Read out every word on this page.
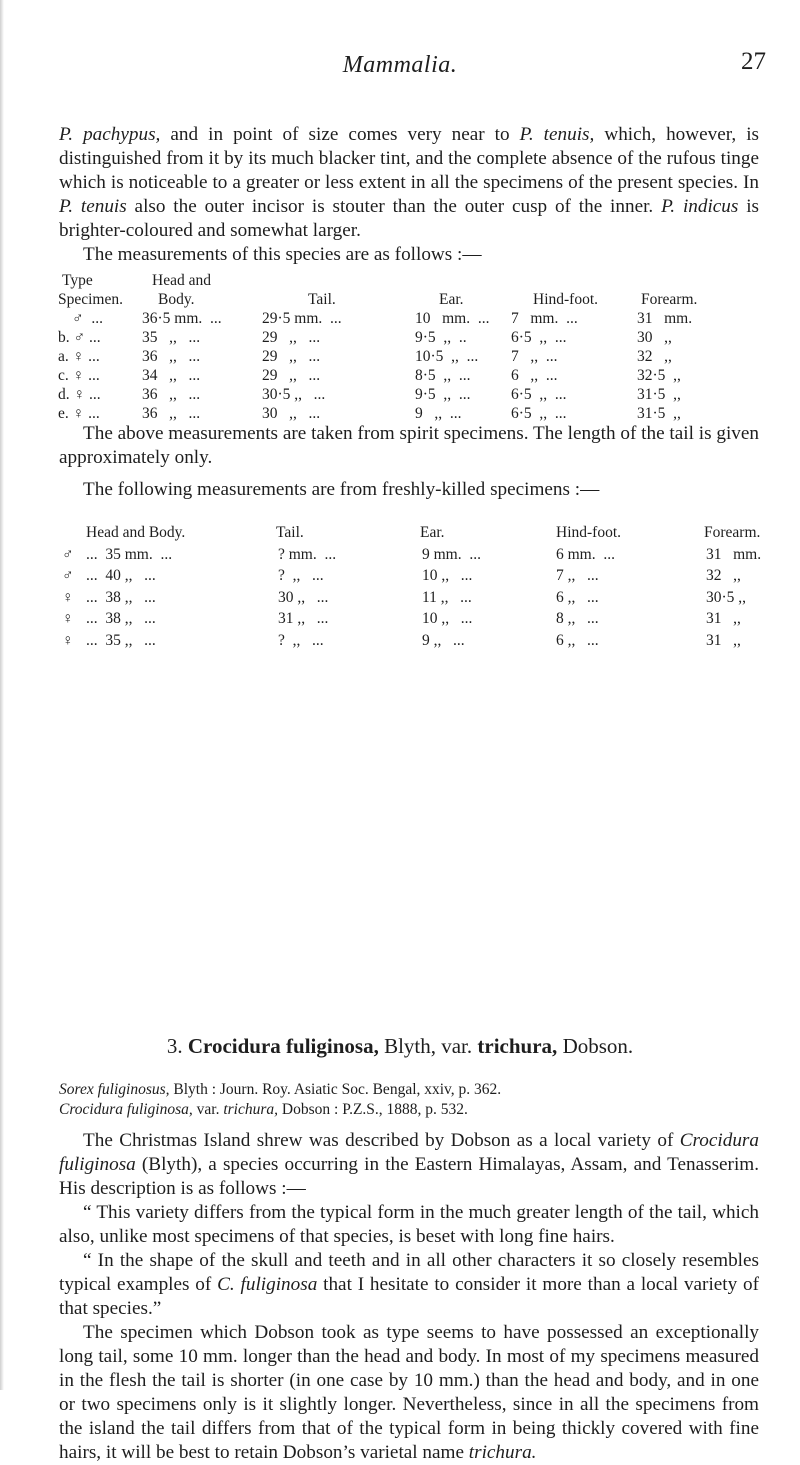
Mammalia.	27

P. pachypus, and in point of size comes very near to P. tenuis, which, however, is distinguished from it by its much blacker tint, and the complete absence of the rufous tinge which is noticeable to a greater or less extent in all the specimens of the present species. In P. tenuis also the outer incisor is stouter than the outer cusp of the inner. P. indicus is brighter-coloured and somewhat larger.

The measurements of this species are as follows :—

Type	Head and				
Specimen.	Body.	Tail.	Ear.	Hind-foot.	Forearm.
♂  ...	36·5 mm.  ...	29·5 mm.  ...	10   mm.  ...	7   mm.  ...	31   mm.
b. ♂ ...	35   ,,   ...	29   ,,   ...	9·5  ,,  ..	6·5  ,,  ...	30   ,,
a. ♀ ...	36   ,,   ...	29   ,,   ...	10·5  ,,  ...	7   ,,  ...	32   ,,
c. ♀ ...	34   ,,   ...	29   ,,   ...	8·5  ,,  ...	6   ,,  ...	32·5  ,,
d. ♀ ...	36   ,,   ...	30·5 ,,   ...	9·5  ,,  ...	6·5  ,,  ...	31·5  ,,
e. ♀ ...	36   ,,   ...	30   ,,   ...	9   ,,  ...	6·5  ,,  ...	31·5  ,,

The above measurements are taken from spirit specimens. The length of the tail is given approximately only.

The following measurements are from freshly-killed specimens :—

	Head and Body.	Tail.	Ear.	Hind-foot.	Forearm.
♂	...  35 mm.  ...	? mm.  ...	9 mm.  ...	6 mm.  ...	31   mm.
♂	...  40 ,,   ...	?  ,,   ...	10 ,,   ...	7 ,,   ...	32   ,,
♀	...  38 ,,   ...	30 ,,   ...	11 ,,   ...	6 ,,   ...	30·5 ,,
♀	...  38 ,,   ...	31 ,,   ...	10 ,,   ...	8 ,,   ...	31   ,,
♀	...  35 ,,   ...	?  ,,   ...	9 ,,   ...	6 ,,   ...	31   ,,
3. Crocidura fuliginosa, Blyth, var. trichura, Dobson.
Sorex fuliginosus, Blyth : Journ. Roy. Asiatic Soc. Bengal, xxiv, p. 362.
Crocidura fuliginosa, var. trichura, Dobson : P.Z.S., 1888, p. 532.

The Christmas Island shrew was described by Dobson as a local variety of Crocidura fuliginosa (Blyth), a species occurring in the Eastern Himalayas, Assam, and Tenasserim. His description is as follows :—

“ This variety differs from the typical form in the much greater length of the tail, which also, unlike most specimens of that species, is beset with long fine hairs.

“ In the shape of the skull and teeth and in all other characters it so closely resembles typical examples of C. fuliginosa that I hesitate to consider it more than a local variety of that species.”

The specimen which Dobson took as type seems to have possessed an exceptionally long tail, some 10 mm. longer than the head and body. In most of my specimens measured in the flesh the tail is shorter (in one case by 10 mm.) than the head and body, and in one or two specimens only is it slightly longer. Nevertheless, since in all the specimens from the island the tail differs from that of the typical form in being thickly covered with fine hairs, it will be best to retain Dobson’s varietal name trichura.
